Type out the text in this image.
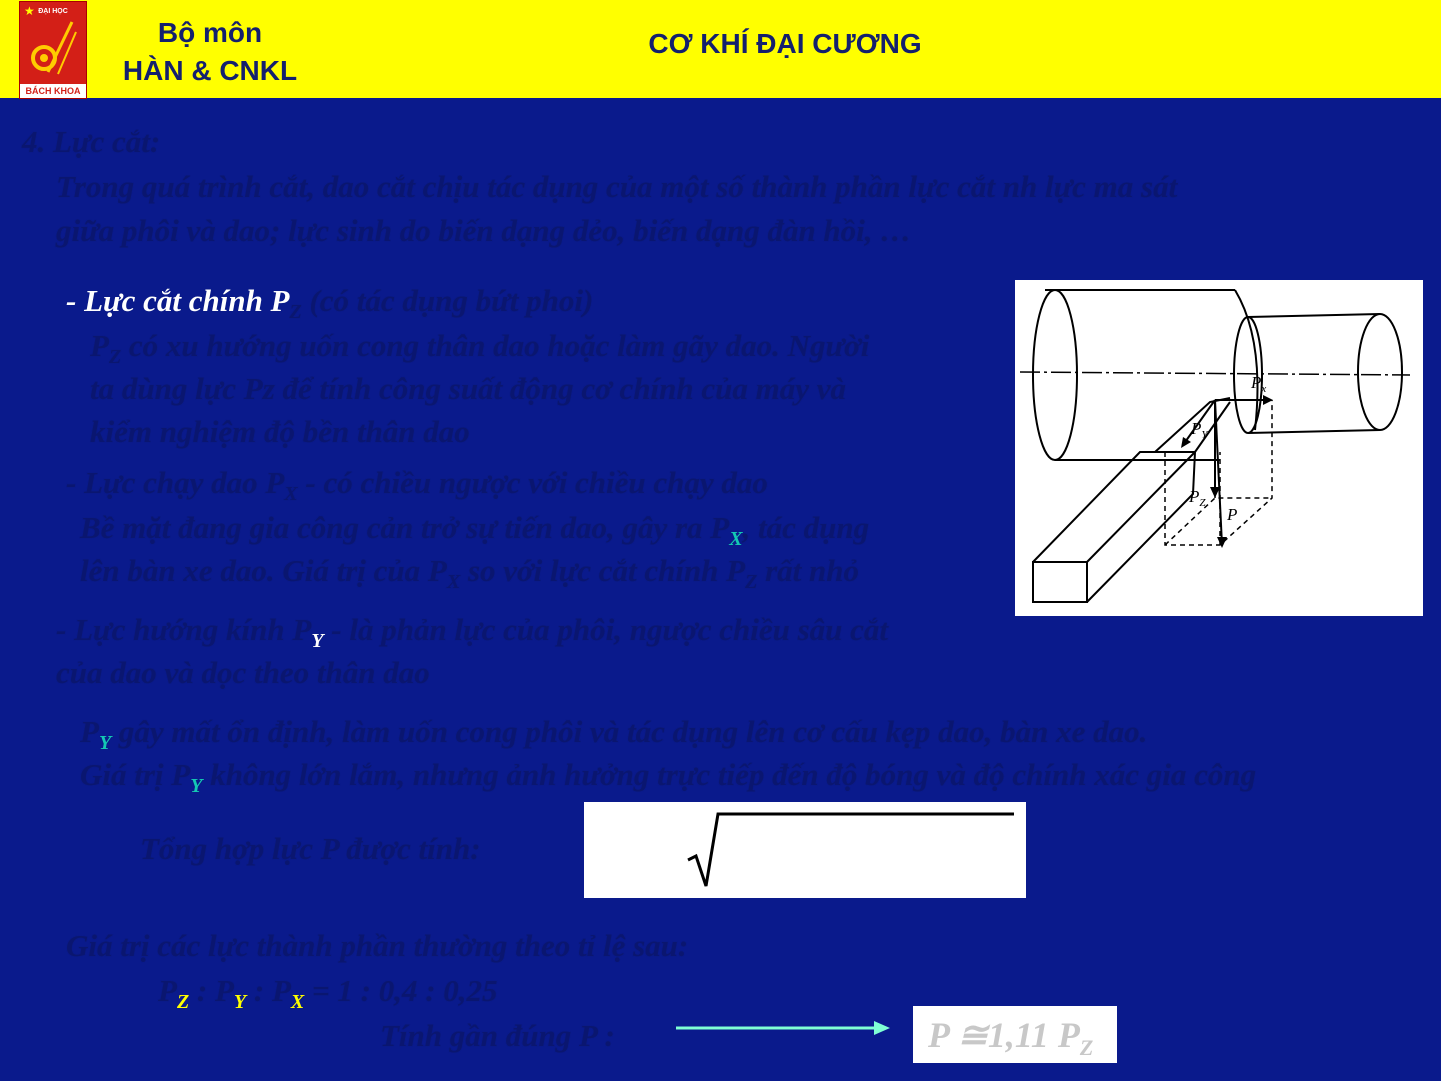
★ ĐẠI HỌC
BÁCH KHOA
Bộ môn
HÀN & CNKL
CƠ KHÍ ĐẠI CƯƠNG
4. Lực cắt:
Trong quá trình cắt, dao cắt chịu tác dụng của một số thành phần lực cắt nh lực ma sát
giữa phôi và dao; lực sinh do biến dạng dẻo, biến dạng đàn hồi, …
- Lực cắt chính $P_Z$ (có tác dụng bứt phoi)
$P_Z$ có xu hướng uốn cong thân dao hoặc làm gãy dao. Người
ta dùng lực Pz để tính công suất động cơ chính của máy và
kiểm nghiệm độ bền thân dao
- Lực chạy dao $P_X$ - có chiều ngược với chiều chạy dao
Bề mặt đang gia công cản trở sự tiến dao, gây ra $P_X$, tác dụng
lên bàn xe dao. Giá trị của $P_X$ so với lực cắt chính $P_Z$ rất nhỏ
- Lực hướng kính $P_Y$ - là phản lực của phôi, ngược chiều sâu cắt
của dao và dọc theo thân dao
$P_Y$ gây mất ổn định, làm uốn cong phôi và tác dụng lên cơ cấu kẹp dao, bàn xe dao.
Giá trị $P_Y$ không lớn lắm, nhưng ảnh hưởng trực tiếp đến độ bóng và độ chính xác gia công
Tổng hợp lực P được tính:
Giá trị các lực thành phần thường theo tỉ lệ sau:
$P_Z$ : $P_Y$ : $P_X = 1$ : 0,4 : 0,25
Tính gần đúng P :	P ≅1,11 $P_Z$
$P_x$
$P_Y$
$P_Z$
P
